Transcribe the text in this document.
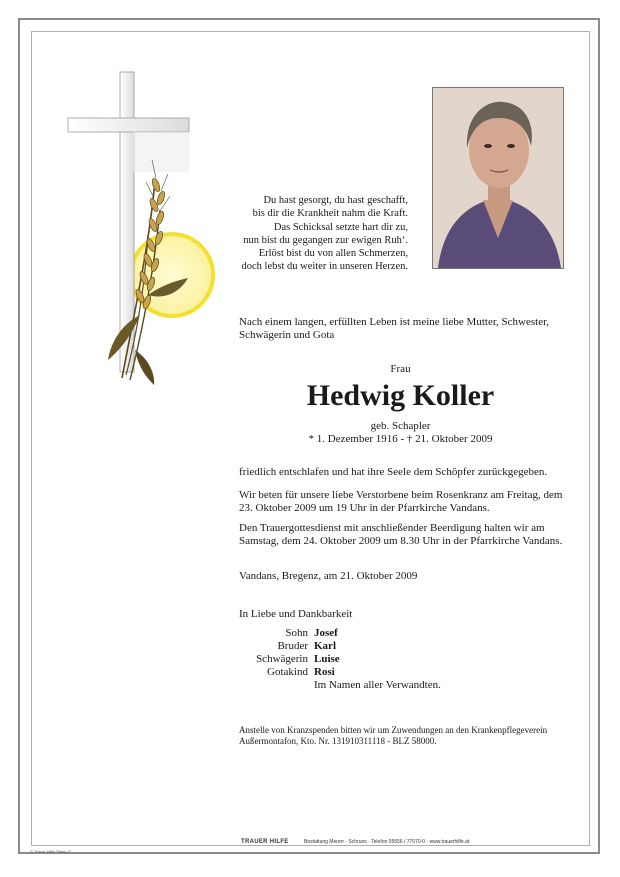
Du hast gesorgt, du hast geschafft,
bis dir die Krankheit nahm die Kraft.
Das Schicksal setzte hart dir zu,
nun bist du gegangen zur ewigen Ruh‘.
Erlöst bist du von allen Schmerzen,
doch lebst du weiter in unseren Herzen.
Nach einem langen, erfüllten Leben ist meine liebe Mutter, Schwester, Schwägerin und Gota
Frau
Hedwig Koller
geb. Schapler
* 1. Dezember 1916 - † 21. Oktober 2009
friedlich entschlafen und hat ihre Seele dem Schöpfer zurückgegeben.
Wir beten für unsere liebe Verstorbene beim Rosenkranz am Freitag, dem 23. Oktober 2009 um 19 Uhr in der Pfarrkirche Vandans.
Den Trauergottesdienst mit anschließender Beerdigung halten wir am Samstag, dem 24. Oktober 2009 um 8.30 Uhr in der Pfarrkirche Vandans.
Vandans, Bregenz, am 21. Oktober 2009
In Liebe und Dankbarkeit
Sohn Josef
Bruder Karl
Schwägerin Luise
Gotakind Rosi
Im Namen aller Verwandten.
Anstelle von Kranzspenden bitten wir um Zuwendungen an den Krankenpflegeverein Außermontafon, Kto. Nr. 131910311118 - BLZ 58000.
TRAUER HILFE	Bestattung Mererr · Schruns · Telefon 05556 / 77070-0 · www.trauerhilfe.at
© Trauer Hilfe "Birns 2"
